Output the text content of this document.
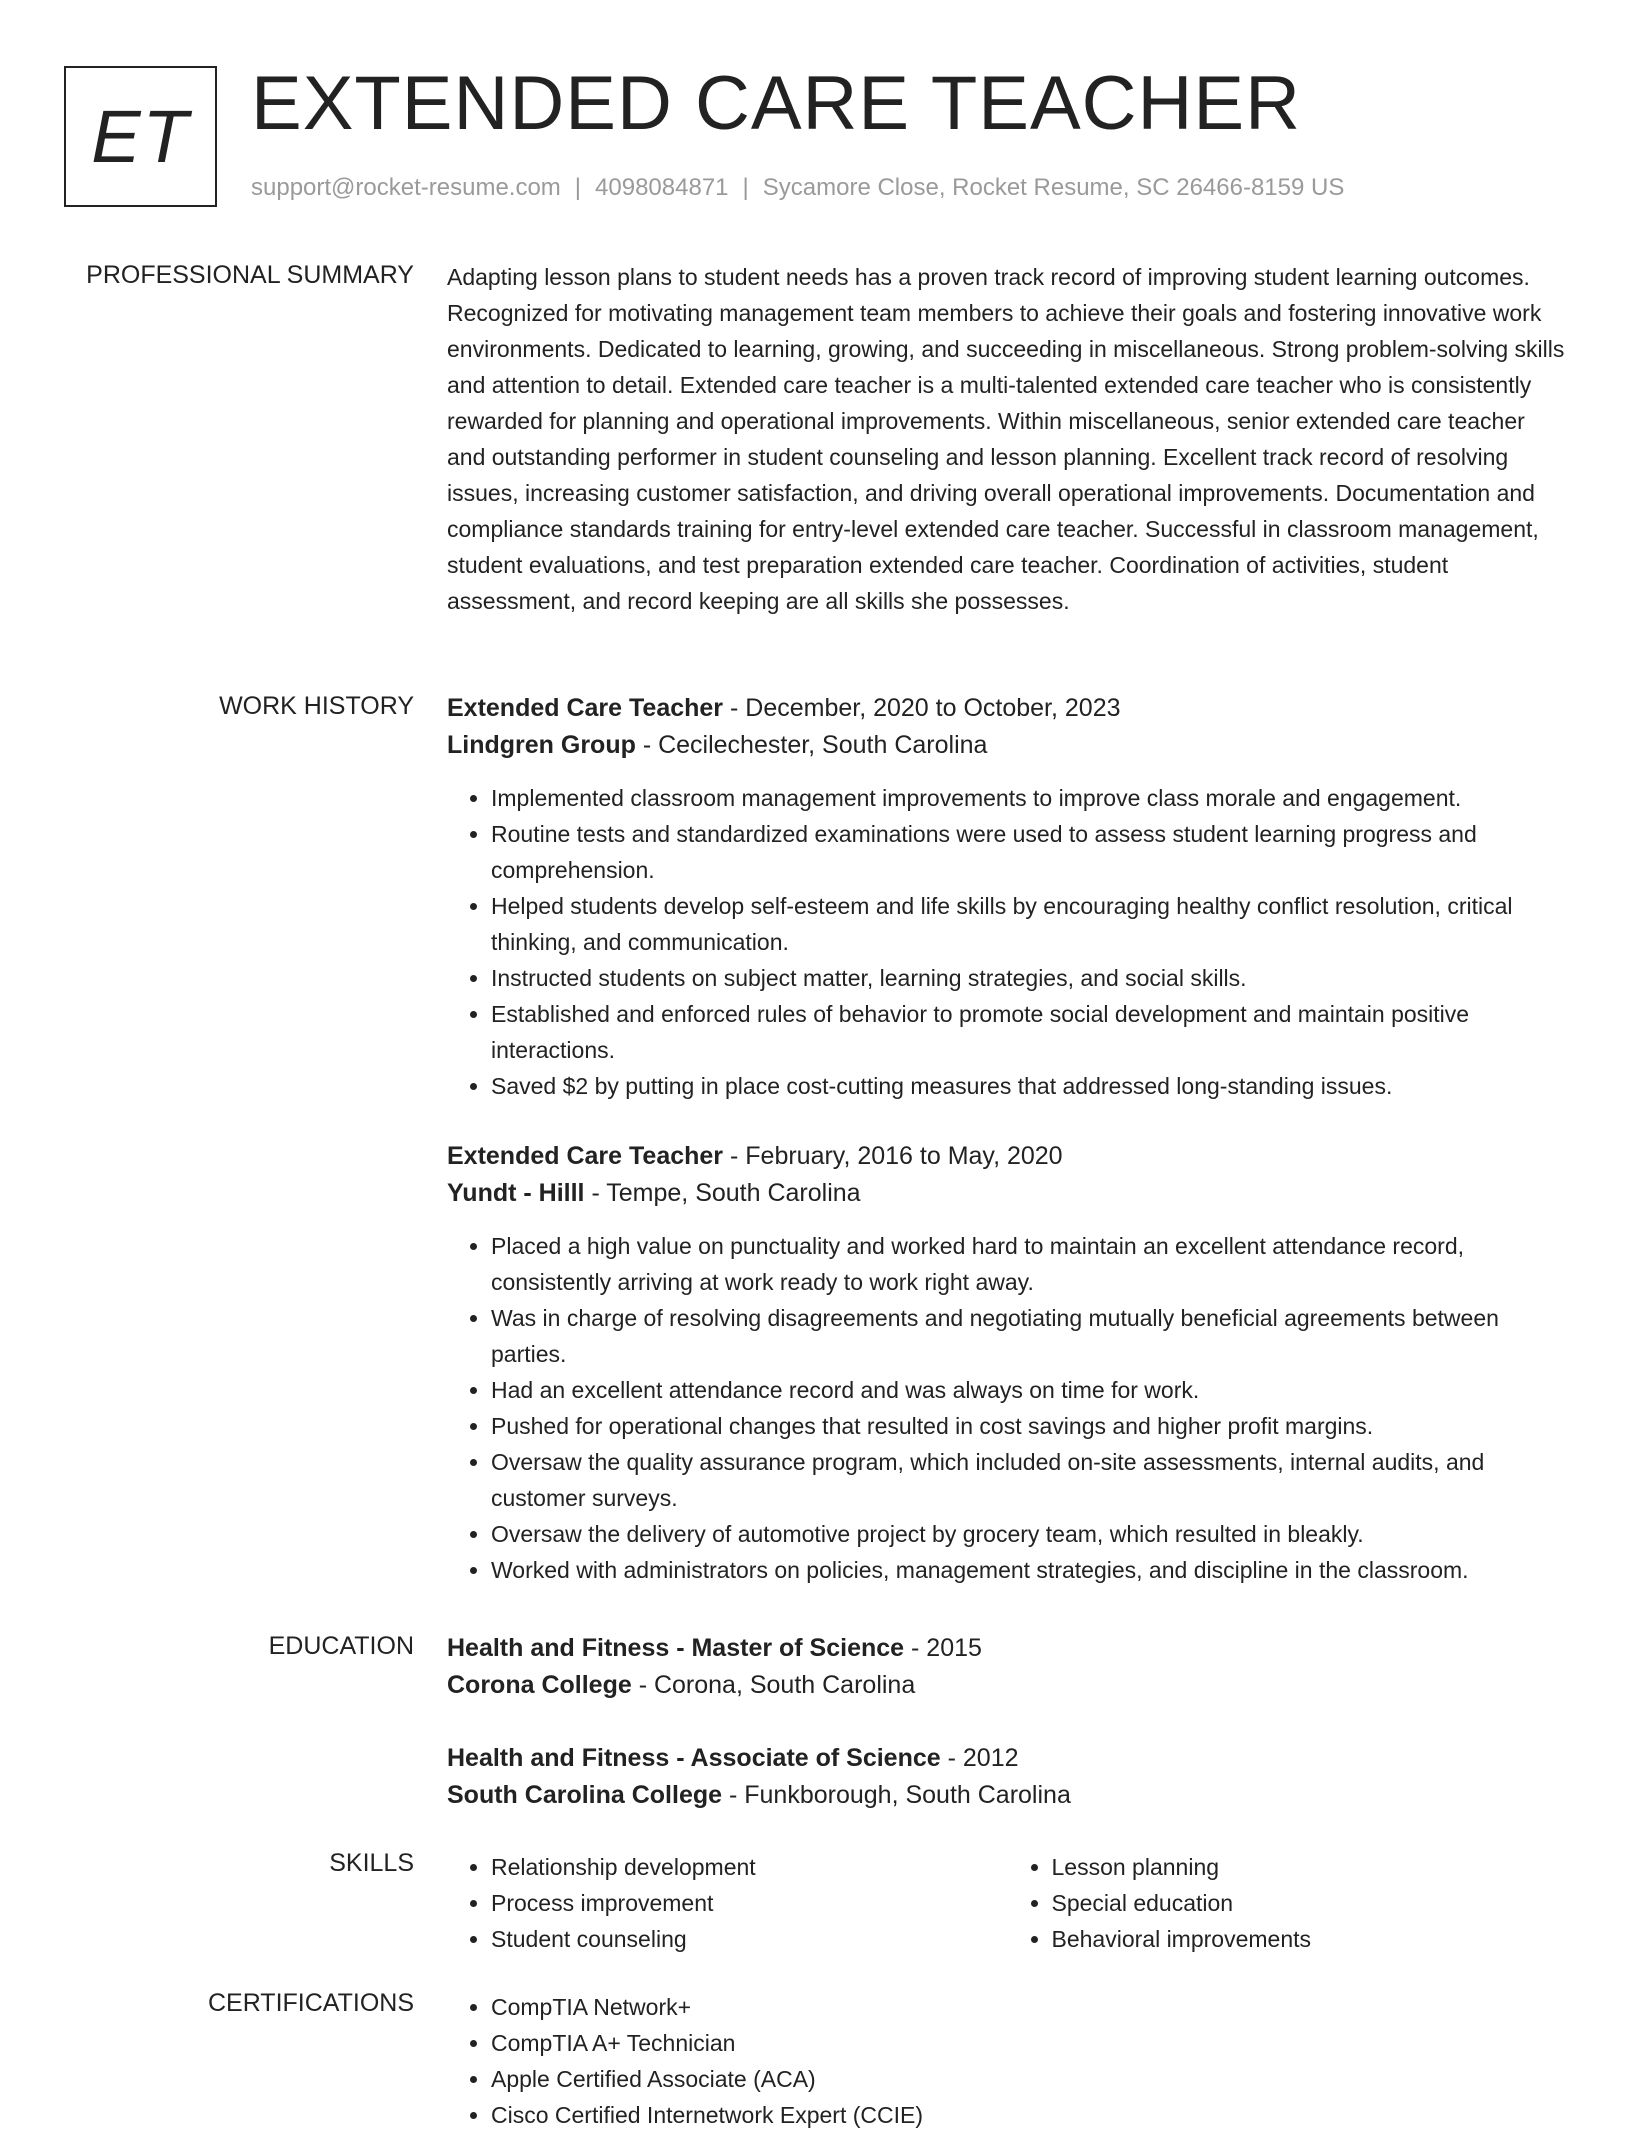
ET EXTENDED CARE TEACHER
support@rocket-resume.com | 4098084871 | Sycamore Close, Rocket Resume, SC 26466-8159 US
PROFESSIONAL SUMMARY Adapting lesson plans to student needs has a proven track record of improving student learning outcomes. Recognized for motivating management team members to achieve their goals and fostering innovative work environments. Dedicated to learning, growing, and succeeding in miscellaneous. Strong problem-solving skills and attention to detail. Extended care teacher is a multi-talented extended care teacher who is consistently rewarded for planning and operational improvements. Within miscellaneous, senior extended care teacher and outstanding performer in student counseling and lesson planning. Excellent track record of resolving issues, increasing customer satisfaction, and driving overall operational improvements. Documentation and compliance standards training for entry-level extended care teacher. Successful in classroom management, student evaluations, and test preparation extended care teacher. Coordination of activities, student assessment, and record keeping are all skills she possesses.

WORK HISTORY Extended Care Teacher - December, 2020 to October, 2023
Lindgren Group - Cecilechester, South Carolina
• Implemented classroom management improvements to improve class morale and engagement.
• Routine tests and standardized examinations were used to assess student learning progress and comprehension.
• Helped students develop self-esteem and life skills by encouraging healthy conflict resolution, critical thinking, and communication.
• Instructed students on subject matter, learning strategies, and social skills.
• Established and enforced rules of behavior to promote social development and maintain positive interactions.
• Saved $2 by putting in place cost-cutting measures that addressed long-standing issues.
Extended Care Teacher - February, 2016 to May, 2020
Yundt - Hilll - Tempe, South Carolina
• Placed a high value on punctuality and worked hard to maintain an excellent attendance record, consistently arriving at work ready to work right away.
• Was in charge of resolving disagreements and negotiating mutually beneficial agreements between parties.
• Had an excellent attendance record and was always on time for work.
• Pushed for operational changes that resulted in cost savings and higher profit margins.
• Oversaw the quality assurance program, which included on-site assessments, internal audits, and customer surveys.
• Oversaw the delivery of automotive project by grocery team, which resulted in bleakly.
• Worked with administrators on policies, management strategies, and discipline in the classroom.
EDUCATION Health and Fitness - Master of Science - 2015
Corona College - Corona, South Carolina
Health and Fitness - Associate of Science - 2012
South Carolina College - Funkborough, South Carolina
SKILLS	• Relationship development
• Process improvement
• Student counseling
• Lesson planning
• Special education
• Behavioral improvements
CERTIFICATIONS	• CompTIA Network+
• CompTIA A+ Technician
• Apple Certified Associate (ACA)
• Cisco Certified Internetwork Expert (CCIE)
